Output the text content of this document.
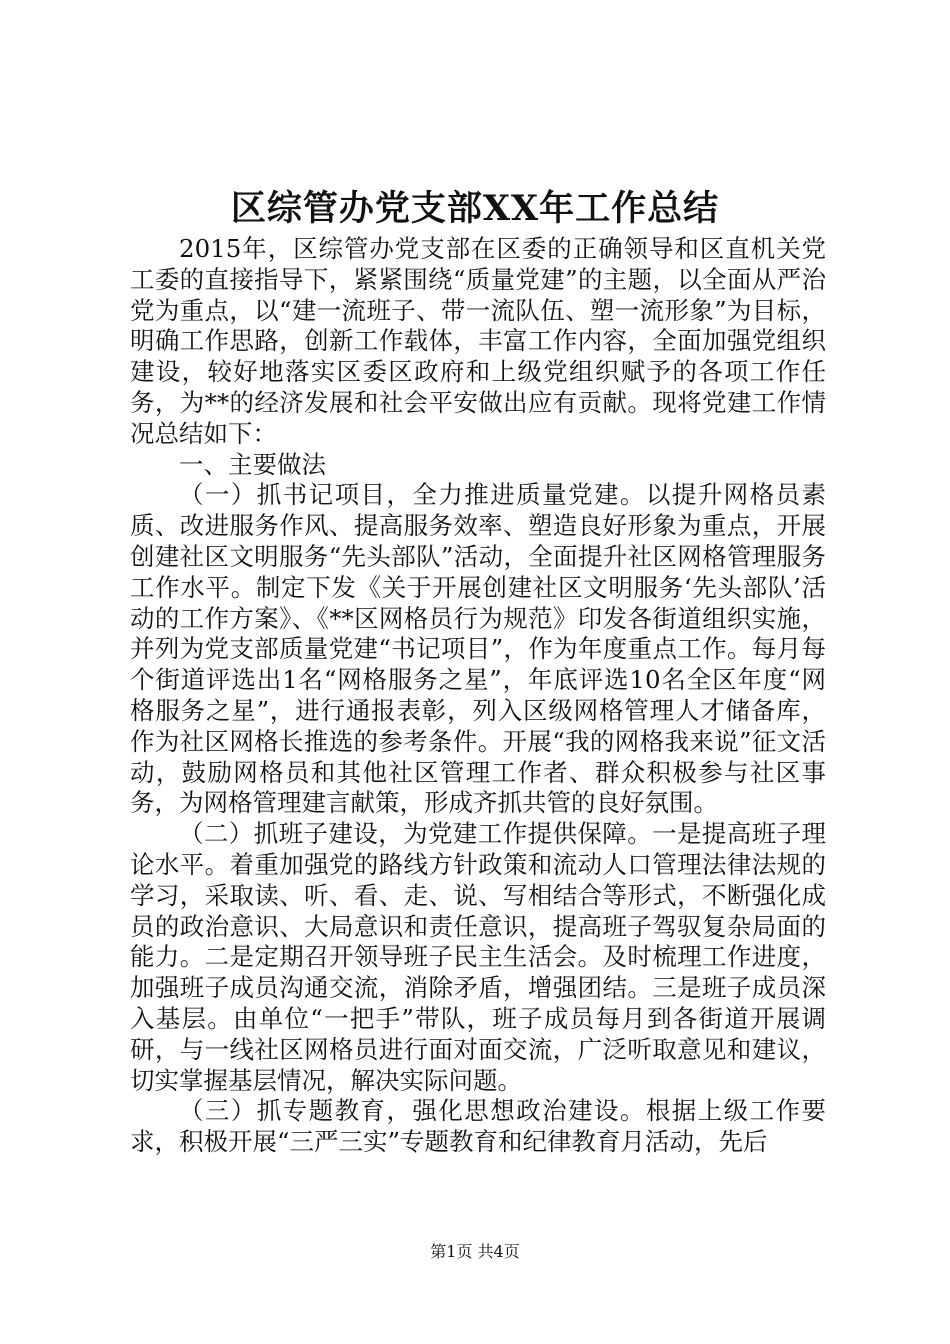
区综管办党支部XX年工作总结

2015年，区综管办党支部在区委的正确领导和区直机关党工委的直接指导下，紧紧围绕“质量党建”的主题，以全面从严治党为重点，以“建一流班子、带一流队伍、塑一流形象”为目标，明确工作思路，创新工作载体，丰富工作内容，全面加强党组织建设，较好地落实区委区政府和上级党组织赋予的各项工作任务，为**的经济发展和社会平安做出应有贡献。现将党建工作情况总结如下：

一、主要做法

（一）抓书记项目，全力推进质量党建。以提升网格员素质、改进服务作风、提高服务效率、塑造良好形象为重点，开展创建社区文明服务“先头部队”活动，全面提升社区网格管理服务工作水平。制定下发《关于开展创建社区文明服务‘先头部队’活动的工作方案》、《**区网格员行为规范》印发各街道组织实施，并列为党支部质量党建“书记项目”，作为年度重点工作。每月每个街道评选出1名“网格服务之星”，年底评选10名全区年度“网格服务之星”，进行通报表彰，列入区级网格管理人才储备库，作为社区网格长推选的参考条件。开展“我的网格我来说”征文活动，鼓励网格员和其他社区管理工作者、群众积极参与社区事务，为网格管理建言献策，形成齐抓共管的良好氛围。

（二）抓班子建设，为党建工作提供保障。一是提高班子理论水平。着重加强党的路线方针政策和流动人口管理法律法规的学习，采取读、听、看、走、说、写相结合等形式，不断强化成员的政治意识、大局意识和责任意识，提高班子驾驭复杂局面的能力。二是定期召开领导班子民主生活会。及时梳理工作进度，加强班子成员沟通交流，消除矛盾，增强团结。三是班子成员深入基层。由单位“一把手”带队，班子成员每月到各街道开展调研，与一线社区网格员进行面对面交流，广泛听取意见和建议，切实掌握基层情况，解决实际问题。

（三）抓专题教育，强化思想政治建设。根据上级工作要求，积极开展“三严三实”专题教育和纪律教育月活动，先后

第1页 共4页
